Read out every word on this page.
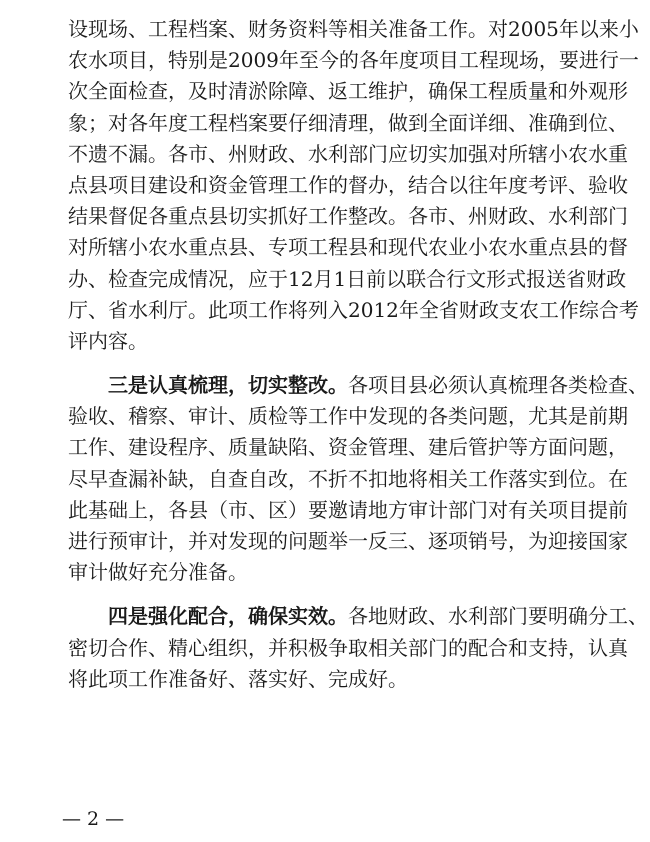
设现场、工程档案、财务资料等相关准备工作。对2005年以来小
农水项目，特别是2009年至今的各年度项目工程现场，要进行一
次全面检查，及时清淤除障、返工维护，确保工程质量和外观形
象；对各年度工程档案要仔细清理，做到全面详细、准确到位、
不遗不漏。各市、州财政、水利部门应切实加强对所辖小农水重
点县项目建设和资金管理工作的督办，结合以往年度考评、验收
结果督促各重点县切实抓好工作整改。各市、州财政、水利部门
对所辖小农水重点县、专项工程县和现代农业小农水重点县的督
办、检查完成情况，应于12月1日前以联合行文形式报送省财政
厅、省水利厅。此项工作将列入2012年全省财政支农工作综合考
评内容。
三是认真梳理，切实整改。各项目县必须认真梳理各类检查、
验收、稽察、审计、质检等工作中发现的各类问题，尤其是前期
工作、建设程序、质量缺陷、资金管理、建后管护等方面问题，
尽早查漏补缺，自查自改，不折不扣地将相关工作落实到位。在
此基础上，各县（市、区）要邀请地方审计部门对有关项目提前
进行预审计，并对发现的问题举一反三、逐项销号，为迎接国家
审计做好充分准备。
四是强化配合，确保实效。各地财政、水利部门要明确分工、
密切合作、精心组织，并积极争取相关部门的配合和支持，认真
将此项工作准备好、落实好、完成好。
— 2 —
